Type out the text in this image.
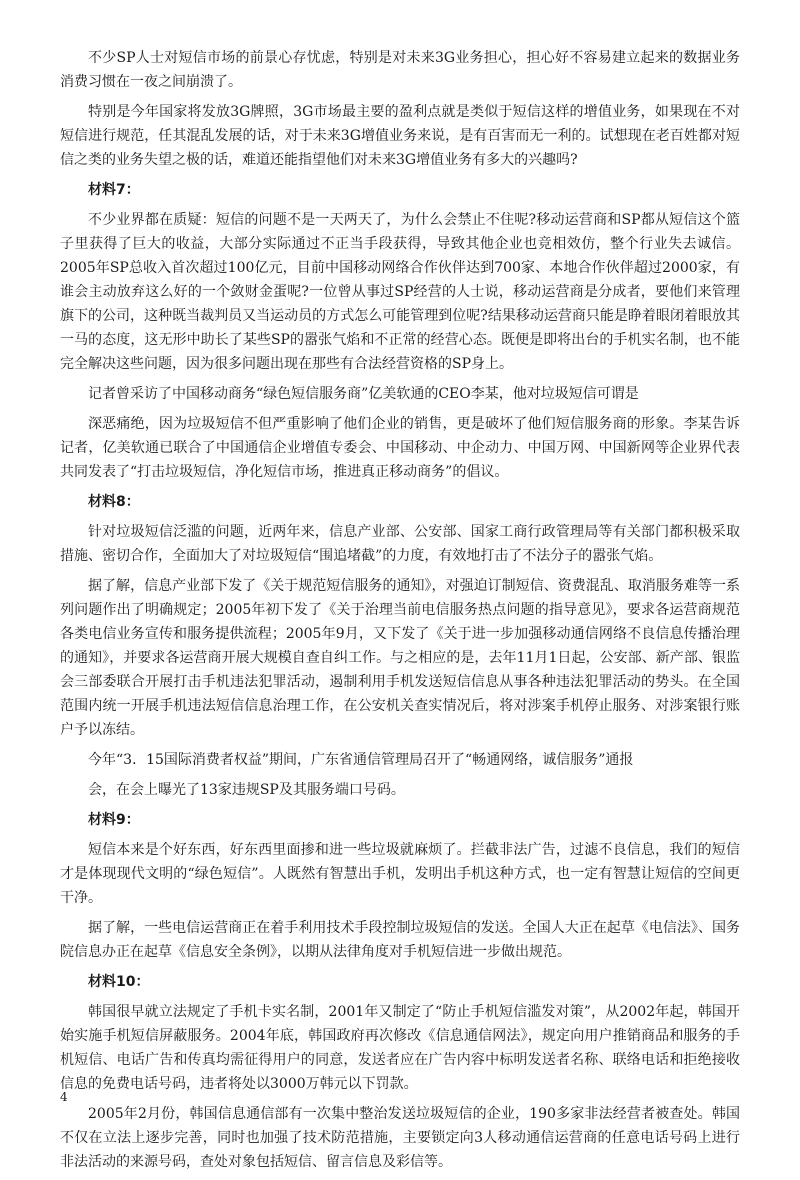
不少SP人士对短信市场的前景心存忧虑，特别是对未来3G业务担心，担心好不容易建立起来的数据业务消费习惯在一夜之间崩溃了。

特别是今年国家将发放3G牌照，3G市场最主要的盈利点就是类似于短信这样的增值业务，如果现在不对短信进行规范，任其混乱发展的话，对于未来3G增值业务来说，是有百害而无一利的。试想现在老百姓都对短信之类的业务失望之极的话，难道还能指望他们对未来3G增值业务有多大的兴趣吗?

材料7：

不少业界都在质疑：短信的问题不是一天两天了，为什么会禁止不住呢?移动运营商和SP都从短信这个篮子里获得了巨大的收益，大部分实际通过不正当手段获得，导致其他企业也竞相效仿，整个行业失去诚信。2005年SP总收入首次超过100亿元，目前中国移动网络合作伙伴达到700家、本地合作伙伴超过2000家，有谁会主动放弃这么好的一个敛财金蛋呢?一位曾从事过SP经营的人士说，移动运营商是分成者，要他们来管理旗下的公司，这种既当裁判员又当运动员的方式怎么可能管理到位呢?结果移动运营商只能是睁着眼闭着眼放其一马的态度，这无形中助长了某些SP的嚣张气焰和不正常的经营心态。既便是即将出台的手机实名制，也不能完全解决这些问题，因为很多问题出现在那些有合法经营资格的SP身上。

记者曾采访了中国移动商务“绿色短信服务商”亿美软通的CEO李某，他对垃圾短信可谓是

深恶痛绝，因为垃圾短信不但严重影响了他们企业的销售，更是破坏了他们短信服务商的形象。李某告诉记者，亿美软通已联合了中国通信企业增值专委会、中国移动、中企动力、中国万网、中国新网等企业界代表共同发表了“打击垃圾短信，净化短信市场，推进真正移动商务”的倡议。

材料8：

针对垃圾短信泛滥的问题，近两年来，信息产业部、公安部、国家工商行政管理局等有关部门都积极采取措施、密切合作，全面加大了对垃圾短信“围追堵截”的力度，有效地打击了不法分子的嚣张气焰。

据了解，信息产业部下发了《关于规范短信服务的通知》，对强迫订制短信、资费混乱、取消服务难等一系列问题作出了明确规定；2005年初下发了《关于治理当前电信服务热点问题的指导意见》，要求各运营商规范各类电信业务宣传和服务提供流程；2005年9月，又下发了《关于进一步加强移动通信网络不良信息传播治理的通知》，并要求各运营商开展大规模自查自纠工作。与之相应的是，去年11月1日起，公安部、新产部、银监会三部委联合开展打击手机违法犯罪活动，遏制利用手机发送短信信息从事各种违法犯罪活动的势头。在全国范围内统一开展手机违法短信信息治理工作，在公安机关查实情况后，将对涉案手机停止服务、对涉案银行账户予以冻结。

今年“3．15国际消费者权益”期间，广东省通信管理局召开了“畅通网络，诚信服务”通报

会，在会上曝光了13家违规SP及其服务端口号码。

材料9：

短信本来是个好东西，好东西里面掺和进一些垃圾就麻烦了。拦截非法广告，过滤不良信息，我们的短信才是体现现代文明的“绿色短信”。人既然有智慧出手机，发明出手机这种方式，也一定有智慧让短信的空间更干净。

据了解，一些电信运营商正在着手利用技术手段控制垃圾短信的发送。全国人大正在起草《电信法》、国务院信息办正在起草《信息安全条例》，以期从法律角度对手机短信进一步做出规范。

材料10：

韩国很早就立法规定了手机卡实名制，2001年又制定了“防止手机短信滥发对策”，从2002年起，韩国开始实施手机短信屏蔽服务。2004年底，韩国政府再次修改《信息通信网法》，规定向用户推销商品和服务的手机短信、电话广告和传真均需征得用户的同意，发送者应在广告内容中标明发送者名称、联络电话和拒绝接收信息的免费电话号码，违者将处以3000万韩元以下罚款。

2005年2月份，韩国信息通信部有一次集中整治发送垃圾短信的企业，190多家非法经营者被查处。韩国不仅在立法上逐步完善，同时也加强了技术防范措施，主要锁定向3人移动通信运营商的任意电话号码上进行非法活动的来源号码，查处对象包括短信、留言信息及彩信等。

4
